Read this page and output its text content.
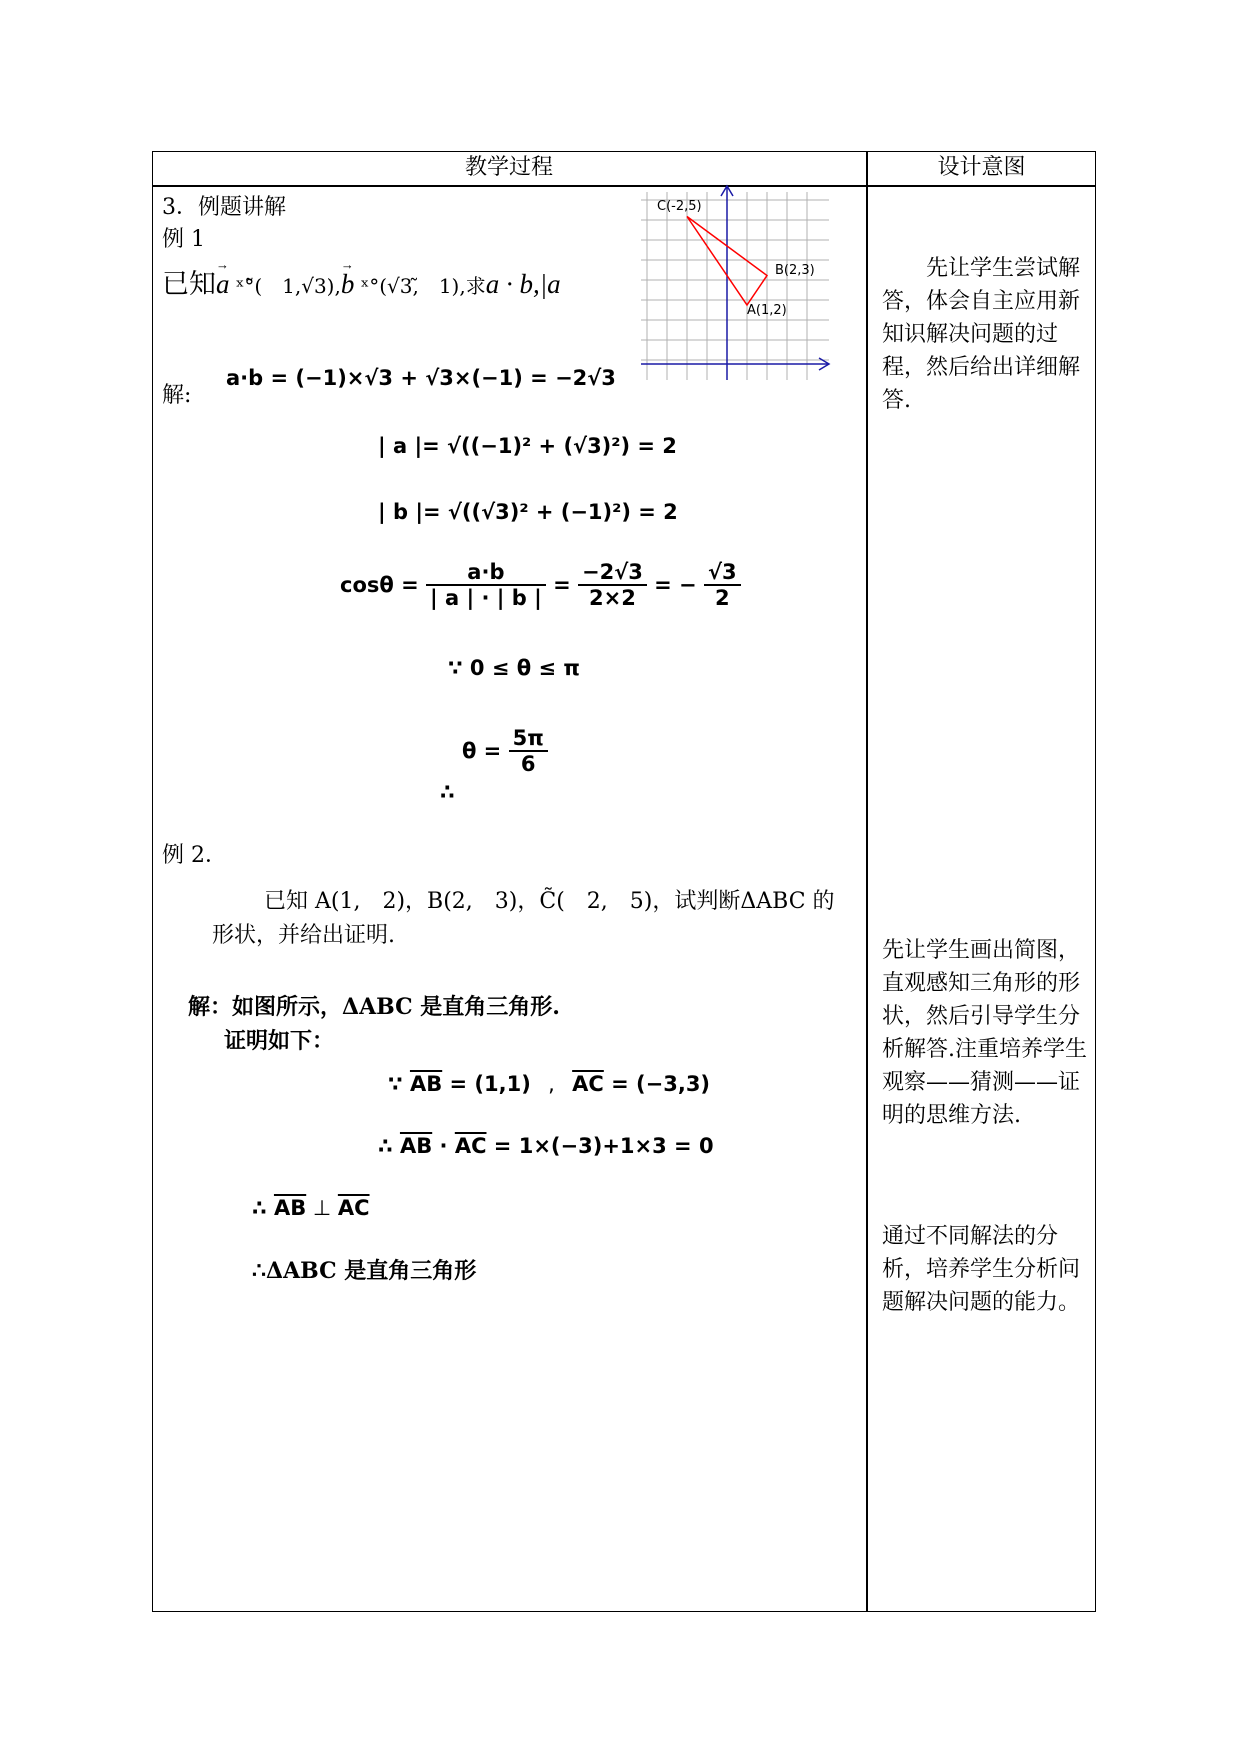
教学过程	设计意图
3．例题讲解
例 1
已知→ a ˣ°̃(　1,√3),→ b ˣ°(√3,̃　1),求a · b,|a
C(-2,5)
B(2,3)
A(1,2)
解:
a·b = (−1)×√3 + √3×(−1) = −2√3
| a |= √((−1)² + (√3)²) = 2
| b |= √((√3)² + (−1)²) = 2
$\cos\theta = \frac{a\cdot b}{| a | \cdot | b |} = \frac{-2√3}{2\times 2}$ = − $\frac{√3}{2}$
∵ 0 ≤ θ ≤ π
∴ $\theta = \frac{5\pi}{6}$
例 2．
已知 A(1,　2)，B(2,　3)，C̃(　2,　5)，试判断ΔABC 的
形状，并给出证明.
解：如图所示，ΔABC 是直角三角形.
证明如下：
∵ $\overline{AB} = (1,1)$ , $\overline{AC} = (-3,3)$
∴ $\overline{AB} \cdot \overline{AC} = 1\times(-3)+1\times 3 = 0$
∴ $\overline{AB}$ ⊥ $\overline{AC}$
∴ΔABC 是直角三角形
　　先让学生尝试解答，体会自主应用新知识解决问题的过程，然后给出详细解答.
先让学生画出简图，直观感知三角形的形状，然后引导学生分析解答.注重培养学生观察——猜测——证明的思维方法.
通过不同解法的分析，培养学生分析问题解决问题的能力。
